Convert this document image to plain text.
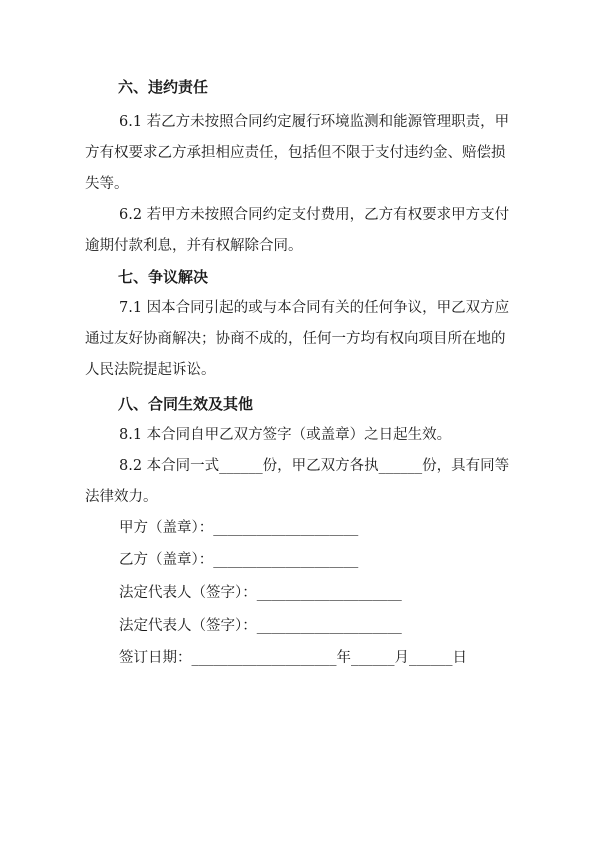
六、违约责任

6.1 若乙方未按照合同约定履行环境监测和能源管理职责，甲

方有权要求乙方承担相应责任，包括但不限于支付违约金、赔偿损

失等。

6.2 若甲方未按照合同约定支付费用，乙方有权要求甲方支付

逾期付款利息，并有权解除合同。

七、争议解决

7.1 因本合同引起的或与本合同有关的任何争议，甲乙双方应

通过友好协商解决；协商不成的，任何一方均有权向项目所在地的

人民法院提起诉讼。

八、合同生效及其他

8.1 本合同自甲乙双方签字（或盖章）之日起生效。

8.2 本合同一式______份，甲乙双方各执______份，具有同等

法律效力。

甲方（盖章）：____________________
乙方（盖章）：____________________
法定代表人（签字）：____________________
法定代表人（签字）：____________________
签订日期：____________________年______月______日
